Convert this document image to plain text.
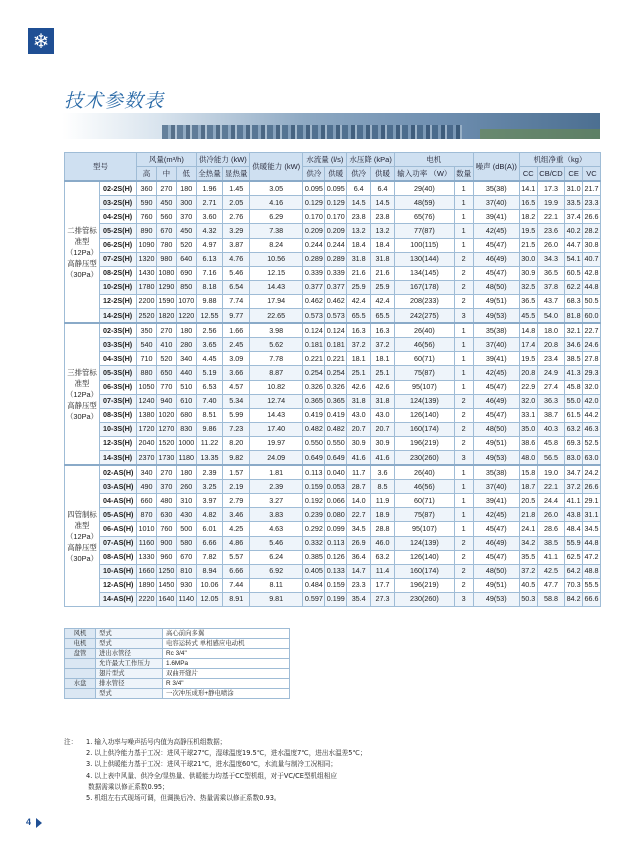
❄
技术参数表
型号		风量(m³/h)			供冷能力 (kW)		供暖能力 (kW)	水流量 (l/s)		水压降 (kPa)		电机		噪声 (dB(A))	机组净重（kg）			
		高	中	低	全热量	显热量		供冷	供暖	供冷	供暖	输入功率 （W）	数量		CC	CB/CD	CE	VC
二排管标准型 （12Pa） 高静压型 （30Pa）	02-2S(H)	360	270	180	1.96	1.45	3.05	0.095	0.095	6.4	6.4	29(40)	1	35(38)	14.1	17.3	31.0	21.7
	03-2S(H)	590	450	300	2.71	2.05	4.16	0.129	0.129	14.5	14.5	48(59)	1	37(40)	16.5	19.9	33.5	23.3
	04-2S(H)	760	560	370	3.60	2.76	6.29	0.170	0.170	23.8	23.8	65(76)	1	39(41)	18.2	22.1	37.4	26.6
	05-2S(H)	890	670	450	4.32	3.29	7.38	0.209	0.209	13.2	13.2	77(87)	1	42(45)	19.5	23.6	40.2	28.2
	06-2S(H)	1090	780	520	4.97	3.87	8.24	0.244	0.244	18.4	18.4	100(115)	1	45(47)	21.5	26.0	44.7	30.8
	07-2S(H)	1320	980	640	6.13	4.76	10.56	0.289	0.289	31.8	31.8	130(144)	2	46(49)	30.0	34.3	54.1	40.7
	08-2S(H)	1430	1080	690	7.16	5.46	12.15	0.339	0.339	21.6	21.6	134(145)	2	45(47)	30.9	36.5	60.5	42.8
	10-2S(H)	1780	1290	850	8.18	6.54	14.43	0.377	0.377	25.9	25.9	167(178)	2	48(50)	32.5	37.8	62.2	44.8
	12-2S(H)	2200	1590	1070	9.88	7.74	17.94	0.462	0.462	42.4	42.4	208(233)	2	49(51)	36.5	43.7	68.3	50.5
	14-2S(H)	2520	1820	1220	12.55	9.77	22.65	0.573	0.573	65.5	65.5	242(275)	3	49(53)	45.5	54.0	81.8	60.0
三排管标准型 （12Pa） 高静压型 （30Pa）	02-3S(H)	350	270	180	2.56	1.66	3.98	0.124	0.124	16.3	16.3	26(40)	1	35(38)	14.8	18.0	32.1	22.7
	03-3S(H)	540	410	280	3.65	2.45	5.62	0.181	0.181	37.2	37.2	46(56)	1	37(40)	17.4	20.8	34.6	24.6
	04-3S(H)	710	520	340	4.45	3.09	7.78	0.221	0.221	18.1	18.1	60(71)	1	39(41)	19.5	23.4	38.5	27.8
	05-3S(H)	880	650	440	5.19	3.66	8.87	0.254	0.254	25.1	25.1	75(87)	1	42(45)	20.8	24.9	41.3	29.3
	06-3S(H)	1050	770	510	6.53	4.57	10.82	0.326	0.326	42.6	42.6	95(107)	1	45(47)	22.9	27.4	45.8	32.0
	07-3S(H)	1240	940	610	7.40	5.34	12.74	0.365	0.365	31.8	31.8	124(139)	2	46(49)	32.0	36.3	55.0	42.0
	08-3S(H)	1380	1020	680	8.51	5.99	14.43	0.419	0.419	43.0	43.0	126(140)	2	45(47)	33.1	38.7	61.5	44.2
	10-3S(H)	1720	1270	830	9.86	7.23	17.40	0.482	0.482	20.7	20.7	160(174)	2	48(50)	35.0	40.3	63.2	46.3
	12-3S(H)	2040	1520	1000	11.22	8.20	19.97	0.550	0.550	30.9	30.9	196(219)	2	49(51)	38.6	45.8	69.3	52.5
	14-3S(H)	2370	1730	1180	13.35	9.82	24.09	0.649	0.649	41.6	41.6	230(260)	3	49(53)	48.0	56.5	83.0	63.0
四管制标准型 （12Pa） 高静压型 （30Pa）	02-AS(H)	340	270	180	2.39	1.57	1.81	0.113	0.040	11.7	3.6	26(40)	1	35(38)	15.8	19.0	34.7	24.2
	03-AS(H)	490	370	260	3.25	2.19	2.39	0.159	0.053	28.7	8.5	46(56)	1	37(40)	18.7	22.1	37.2	26.6
	04-AS(H)	660	480	310	3.97	2.79	3.27	0.192	0.066	14.0	11.9	60(71)	1	39(41)	20.5	24.4	41.1	29.1
	05-AS(H)	870	630	430	4.82	3.46	3.83	0.239	0.080	22.7	18.9	75(87)	1	42(45)	21.8	26.0	43.8	31.1
	06-AS(H)	1010	760	500	6.01	4.25	4.63	0.292	0.099	34.5	28.8	95(107)	1	45(47)	24.1	28.6	48.4	34.5
	07-AS(H)	1160	900	580	6.66	4.86	5.46	0.332	0.113	26.9	46.0	124(139)	2	46(49)	34.2	38.5	55.9	44.8
	08-AS(H)	1330	960	670	7.82	5.57	6.24	0.385	0.126	36.4	63.2	126(140)	2	45(47)	35.5	41.1	62.5	47.2
	10-AS(H)	1660	1250	810	8.94	6.66	6.92	0.405	0.133	14.7	11.4	160(174)	2	48(50)	37.2	42.5	64.2	48.8
	12-AS(H)	1890	1450	930	10.06	7.44	8.11	0.484	0.159	23.3	17.7	196(219)	2	49(51)	40.5	47.7	70.3	55.5
	14-AS(H)	2220	1640	1140	12.05	8.91	9.81	0.597	0.199	35.4	27.3	230(260)	3	49(53)	50.3	58.8	84.2	66.6
风机	型式	高心前向多翼
电机	型式	电容运转式 单相感应电动机
盘管	进出水管径	Rc 3/4"
	允许最大工作压力	1.6MPa
	翅片型式	双曲开缝片
水盘	排水管径	R 3/4"
	型式	一次冲压成形+静电喷涂
注： 1. 输入功率与噪声括号内值为高静压机组数据；
2. 以上供冷能力基于工况：进风干球27℃，湿球温度19.5℃，进水温度7℃，进出水温差5℃；
3. 以上供暖能力基于工况：进风干球21℃，进水温度60℃，水流量与制冷工况相同；
4. 以上表中风量、供冷全/显热量、供暖能力均基于CC型机组，对于VC/CE型机组相应
数据需乘以修正系数0.95；
5. 机组左右式现场可调，但调换后冷、热量需乘以修正系数0.93。
4
